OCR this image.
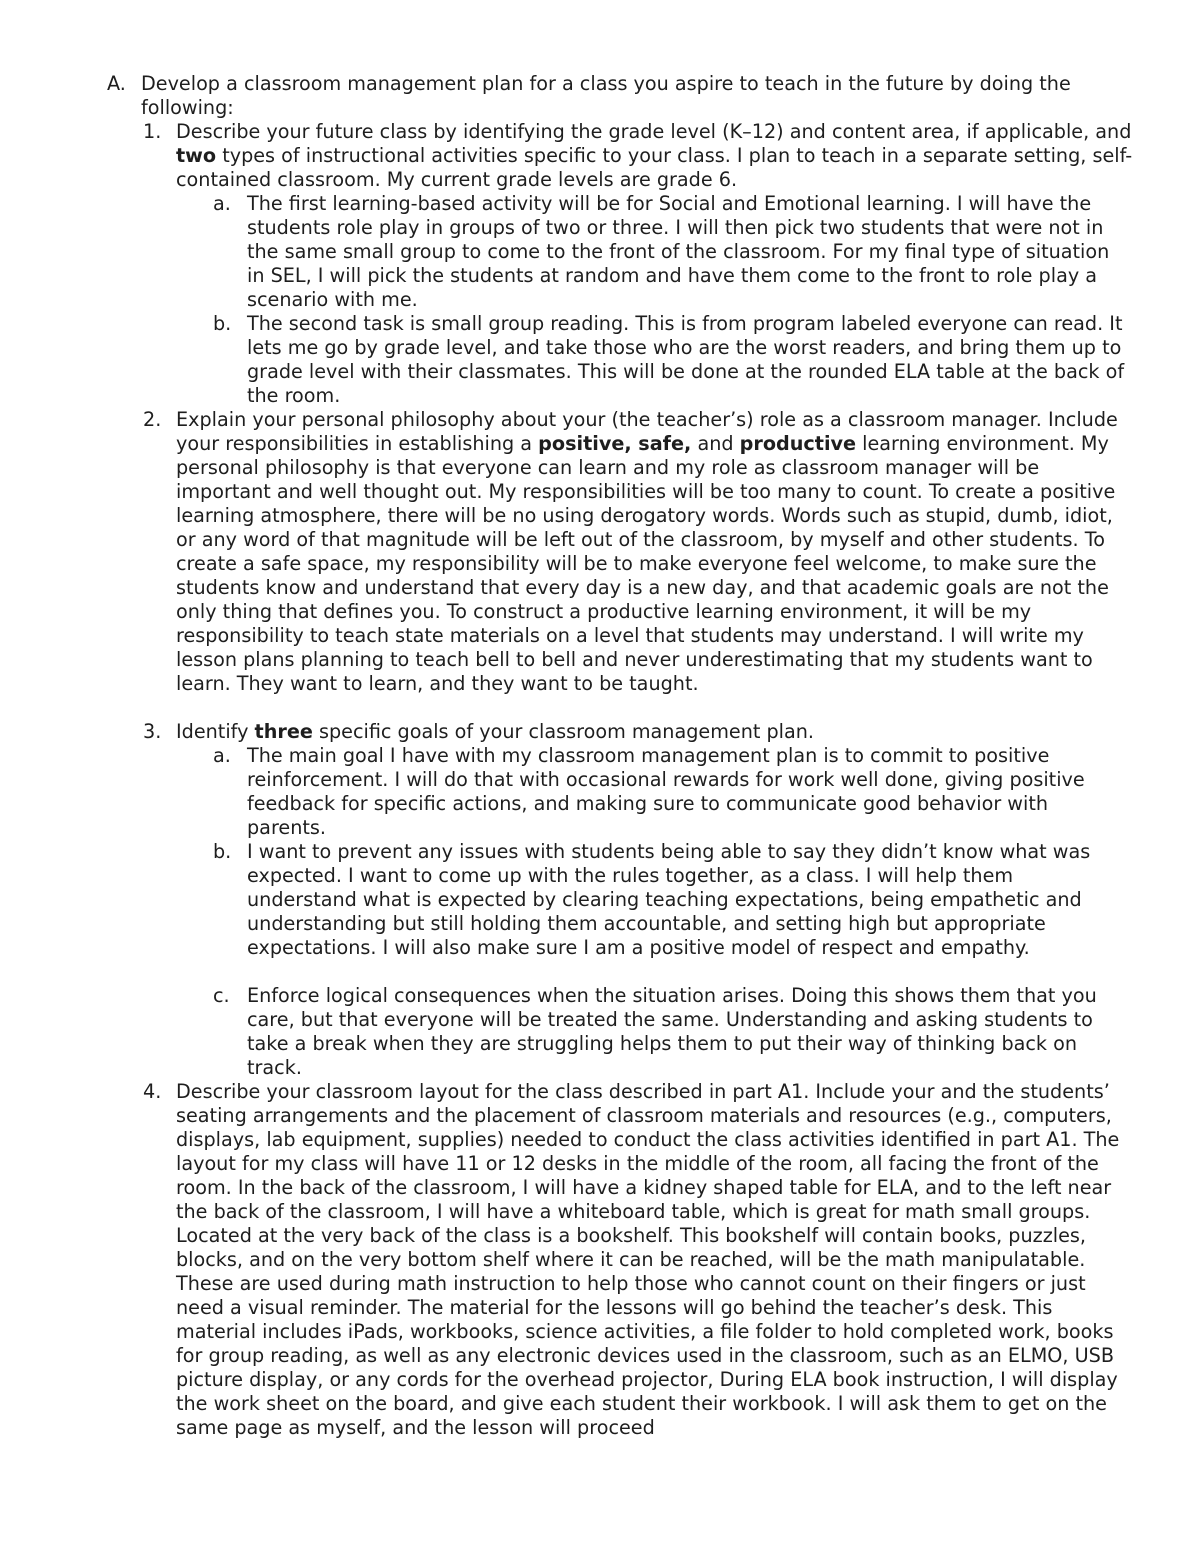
A. Develop a classroom management plan for a class you aspire to teach in the future by doing the following:
1. Describe your future class by identifying the grade level (K–12) and content area, if applicable, and two types of instructional activities specific to your class. I plan to teach in a separate setting, self-contained classroom. My current grade levels are grade 6.
a. The first learning-based activity will be for Social and Emotional learning. I will have the students role play in groups of two or three. I will then pick two students that were not in the same small group to come to the front of the classroom. For my final type of situation in SEL, I will pick the students at random and have them come to the front to role play a scenario with me.
b. The second task is small group reading. This is from program labeled everyone can read. It lets me go by grade level, and take those who are the worst readers, and bring them up to grade level with their classmates. This will be done at the rounded ELA table at the back of the room.
2. Explain your personal philosophy about your (the teacher’s) role as a classroom manager. Include your responsibilities in establishing a positive, safe, and productive learning environment. My personal philosophy is that everyone can learn and my role as classroom manager will be important and well thought out. My responsibilities will be too many to count. To create a positive learning atmosphere, there will be no using derogatory words. Words such as stupid, dumb, idiot, or any word of that magnitude will be left out of the classroom, by myself and other students. To create a safe space, my responsibility will be to make everyone feel welcome, to make sure the students know and understand that every day is a new day, and that academic goals are not the only thing that defines you. To construct a productive learning environment, it will be my responsibility to teach state materials on a level that students may understand. I will write my lesson plans planning to teach bell to bell and never underestimating that my students want to learn. They want to learn, and they want to be taught.
3. Identify three specific goals of your classroom management plan.
a. The main goal I have with my classroom management plan is to commit to positive reinforcement. I will do that with occasional rewards for work well done, giving positive feedback for specific actions, and making sure to communicate good behavior with parents.
b. I want to prevent any issues with students being able to say they didn’t know what was expected. I want to come up with the rules together, as a class. I will help them understand what is expected by clearing teaching expectations, being empathetic and understanding but still holding them accountable, and setting high but appropriate expectations. I will also make sure I am a positive model of respect and empathy.
c. Enforce logical consequences when the situation arises. Doing this shows them that you care, but that everyone will be treated the same. Understanding and asking students to take a break when they are struggling helps them to put their way of thinking back on track.
4. Describe your classroom layout for the class described in part A1. Include your and the students’ seating arrangements and the placement of classroom materials and resources (e.g., computers, displays, lab equipment, supplies) needed to conduct the class activities identified in part A1. The layout for my class will have 11 or 12 desks in the middle of the room, all facing the front of the room. In the back of the classroom, I will have a kidney shaped table for ELA, and to the left near the back of the classroom, I will have a whiteboard table, which is great for math small groups. Located at the very back of the class is a bookshelf. This bookshelf will contain books, puzzles, blocks, and on the very bottom shelf where it can be reached, will be the math manipulatable. These are used during math instruction to help those who cannot count on their fingers or just need a visual reminder. The material for the lessons will go behind the teacher’s desk. This material includes iPads, workbooks, science activities, a file folder to hold completed work, books for group reading, as well as any electronic devices used in the classroom, such as an ELMO, USB picture display, or any cords for the overhead projector, During ELA book instruction, I will display the work sheet on the board, and give each student their workbook. I will ask them to get on the same page as myself, and the lesson will proceed
